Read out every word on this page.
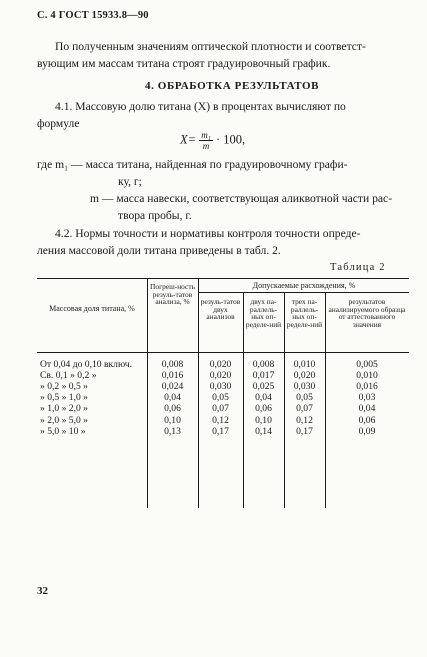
С. 4 ГОСТ 15933.8—90
По полученным значениям оптической плотности и соответст-
вующим им массам титана строят градуировочный график.
4. ОБРАБОТКА РЕЗУЛЬТАТОВ
4.1. Массовую долю титана (X) в процентах вычисляют по
формуле
$X= \frac{\text{m₁}}{m} \cdot 100$,
где m₁ — масса титана, найденная по градуировочному графи-
ку, г;
m — масса навески, соответствующая аликвотной части рас-
твора пробы, г.
4.2. Нормы точности и нормативы контроля точности опреде-
ления массовой доли титана приведены в табл. 2.
Таблица 2
Массовая доля титана, %
Погреш-ность резуль-татов анализа, %
Допускаемые расхождения, %
резуль-татов двух анализов
двух па-раллель-ных оп-ределе-ний
трех па-раллель-ных оп-ределе-ний
результатов анализируемого образца от аттестованного значения
От 0,04 до 0,10 включ.	0,008	0,020	0,008	0,010	0,005
Св. 0,1 » 0,2 »	0,016	0,020	0,017	0,020	0,010
» 0,2 » 0,5 »	0,024	0,030	0,025	0,030	0,016
» 0,5 » 1,0 »	0,04	0,05	0,04	0,05	0,03
» 1,0 » 2,0 »	0,06	0,07	0,06	0,07	0,04
» 2,0 » 5,0 »	0,10	0,12	0,10	0,12	0,06
» 5,0 » 10 »	0,13	0,17	0,14	0,17	0,09
32
